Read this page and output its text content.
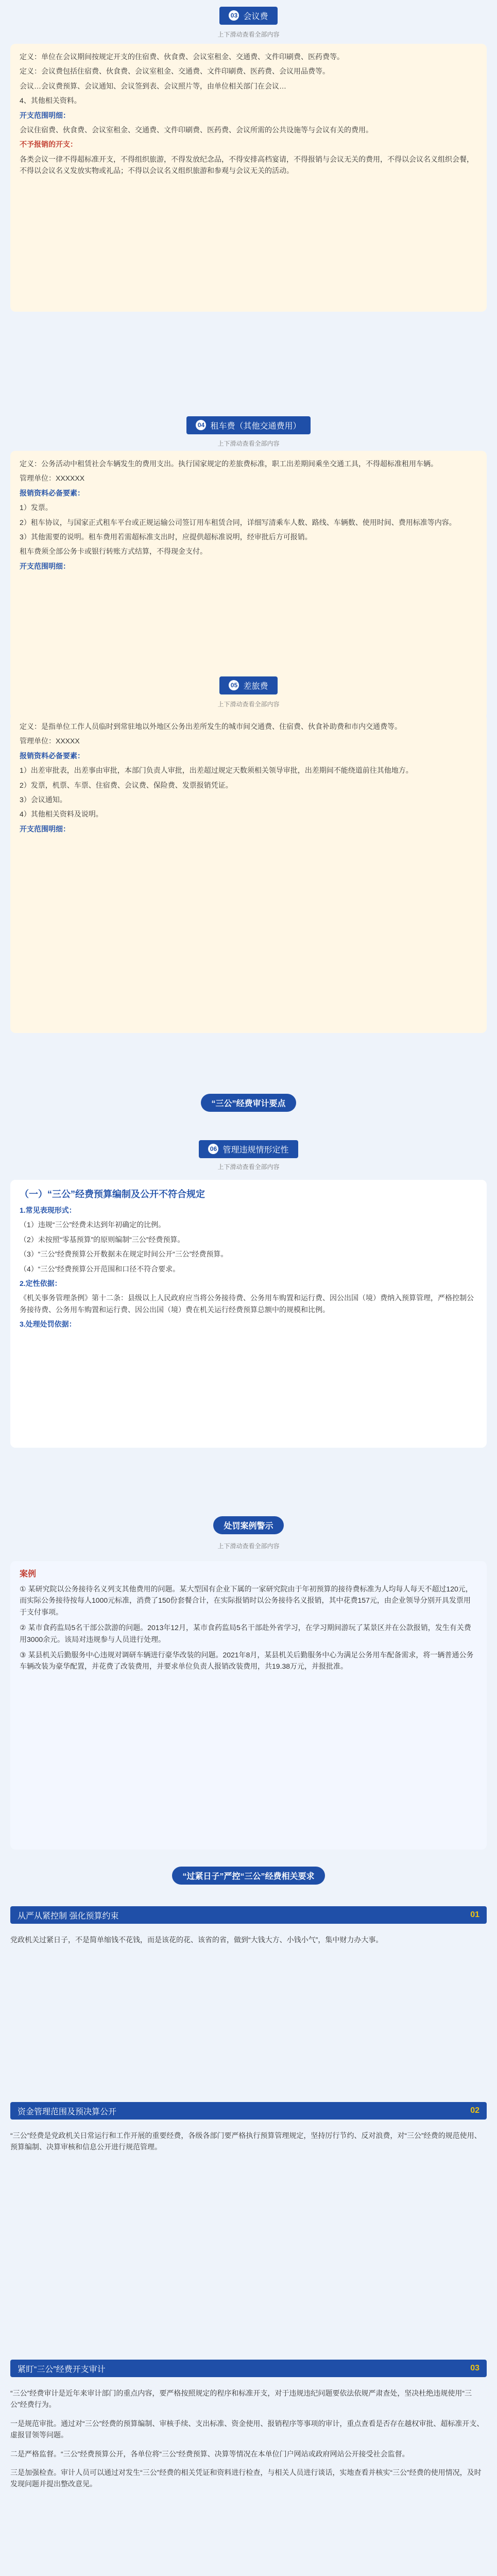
03 会议费
上下滑动查看全部内容

定义：单位在会议期间按规定开支的住宿费、伙食费、会议室租金、交通费、文件印刷费、医药费等。

定义：会议费包括住宿费、伙食费、会议室租金、交通费、文件印刷费、医药费、会议用品费等。

会议…会议费预算、会议通知、会议签到表、会议照片等，由单位相关部门在会议…

4、其他相关资料。

开支范围明细：

会议住宿费、伙食费、会议室租金、交通费、文件印刷费、医药费、会议所需的公共设施等与会议有关的费用。

不予报销的开支：

各类会议一律不得超标准开支，不得组织旅游，不得发放纪念品，不得安排高档宴请，不得报销与会议无关的费用，不得以会议名义组织会餐，不得以会议名义发放实物或礼品；不得以会议名义组织旅游和参观与会议无关的活动。

04 租车费（其他交通费用）
上下滑动查看全部内容

定义：公务活动中租赁社会车辆发生的费用支出。执行国家规定的差旅费标准，职工出差期间乘坐交通工具，不得超标准租用车辆。

管理单位：XXXXXX

报销资料必备要素：

1）发票。

2）租车协议，与国家正式租车平台或正规运输公司签订用车租赁合同，详细写清乘车人数、路线、车辆数、使用时间、费用标准等内容。

3）其他需要的说明。租车费用若需超标准支出时，应提供超标准说明，经审批后方可报销。

租车费须全部公务卡或银行转账方式结算，不得现金支付。

开支范围明细：

05 差旅费
上下滑动查看全部内容

定义：是指单位工作人员临时到常驻地以外地区公务出差所发生的城市间交通费、住宿费、伙食补助费和市内交通费等。

管理单位：XXXXX

报销资料必备要素：

1）出差审批表，出差事由审批，本部门负责人审批，出差超过规定天数须相关领导审批，出差期间不能绕道前往其他地方。

2）发票，机票、车票、住宿费、会议费、保险费、发票报销凭证。

3）会议通知。

4）其他相关资料及说明。

开支范围明细：

“三公”经费审计要点
06 管理违规情形定性
上下滑动查看全部内容
（一）“三公”经费预算编制及公开不符合规定

1.常见表现形式：

（1）违规“三公”经费未达到年初确定的比例。

（2）未按照“零基预算”的原则编制“三公”经费预算。

（3）“三公”经费预算公开数据未在规定时间公开“三公”经费预算。

（4）“三公”经费预算公开范围和口径不符合要求。

2.定性依据：

《机关事务管理条例》第十二条：县级以上人民政府应当将公务接待费、公务用车购置和运行费、因公出国（境）费纳入预算管理，严格控制公务接待费、公务用车购置和运行费、因公出国（境）费在机关运行经费预算总额中的规模和比例。

3.处理处罚依据：

处罚案例警示
上下滑动查看全部内容
案例
① 某研究院以公务接待名义列支其他费用的问题。某大型国有企业下属的一家研究院由于年初预算的接待费标准为人均每人每天不超过120元，而实际公务接待按每人1000元标准，消费了150份套餐合计，在实际报销时以公务接待名义报销，其中花费157元，由企业领导分别开具发票用于支付事项。
② 某市食药监局5名干部公款游的问题。2013年12月，某市食药监局5名干部赴外省学习，在学习期间游玩了某景区并在公款报销，发生有关费用3000余元。该局对违规参与人员进行处理。
③ 某县机关后勤服务中心违规对调研车辆进行豪华改装的问题。2021年8月，某县机关后勤服务中心为满足公务用车配备需求，将一辆普通公务车辆改装为豪华配置，并花费了改装费用，并要求单位负责人报销改装费用，共19.38万元，并报批准。
“过紧日子”严控“三公”经费相关要求
从严从紧控制 强化预算约束	01

党政机关过紧日子，不是简单缩钱不花钱，而是该花的花、该省的省，做到“大钱大方、小钱小气”，集中财力办大事。

资金管理范围及预决算公开	02

“三公”经费是党政机关日常运行和工作开展的重要经费，各级各部门要严格执行预算管理规定，坚持厉行节约、反对浪费，对“三公”经费的规范使用、预算编制、决算审核和信息公开进行规范管理。

紧盯“三公”经费开支审计	03

“三公”经费审计是近年来审计部门的重点内容，要严格按照规定的程序和标准开支，对于违规违纪问题要依法依规严肃查处，坚决杜绝违规使用“三公”经费行为。

一是规范审批。通过对“三公”经费的预算编制、审核手续、支出标准、资金使用、报销程序等事项的审计，重点查看是否存在越权审批、超标准开支、虚报冒领等问题。

二是严格监督。“三公”经费预算公开，各单位将“三公”经费预算、决算等情况在本单位门户网站或政府网站公开接受社会监督。

三是加强检查。审计人员可以通过对发生“三公”经费的相关凭证和资料进行检查，与相关人员进行谈话，实地查看并核实“三公”经费的使用情况，及时发现问题并提出整改意见。
